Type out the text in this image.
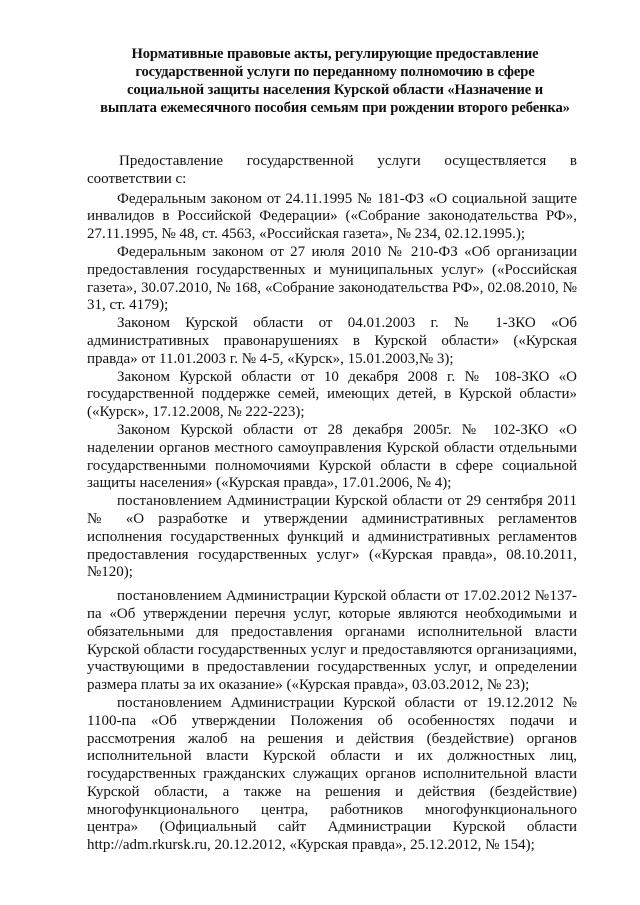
Нормативные правовые акты, регулирующие предоставление государственной услуги по переданному полномочию в сфере социальной защиты населения Курской области «Назначение и выплата ежемесячного пособия семьям при рождении второго ребенка»

Предоставление государственной услуги осуществляется в соответствии с:

Федеральным законом от 24.11.1995 № 181-ФЗ «О социальной защите инвалидов в Российской Федерации» («Собрание законодательства РФ», 27.11.1995, № 48, ст. 4563, «Российская газета», № 234, 02.12.1995.);

Федеральным законом от 27 июля 2010 № 210-ФЗ «Об организации предоставления государственных и муниципальных услуг» («Российская газета», 30.07.2010, № 168, «Собрание законодательства РФ», 02.08.2010, № 31, ст. 4179);

Законом Курской области от 04.01.2003 г. № 1-ЗКО «Об административных правонарушениях в Курской области» («Курская правда» от 11.01.2003 г. № 4-5, «Курск», 15.01.2003,№ 3);

Законом Курской области от 10 декабря 2008 г. № 108-ЗКО «О государственной поддержке семей, имеющих детей, в Курской области» («Курск», 17.12.2008, № 222-223);

Законом Курской области от 28 декабря 2005г. № 102-ЗКО «О наделении органов местного самоуправления Курской области отдельными государственными полномочиями Курской области в сфере социальной защиты населения» («Курская правда», 17.01.2006, № 4);

постановлением Администрации Курской области от 29 сентября 2011 № «О разработке и утверждении административных регламентов исполнения государственных функций и административных регламентов предоставления государственных услуг» («Курская правда», 08.10.2011, №120);

постановлением Администрации Курской области от 17.02.2012 №137-па «Об утверждении перечня услуг, которые являются необходимыми и обязательными для предоставления органами исполнительной власти Курской области государственных услуг и предоставляются организациями, участвующими в предоставлении государственных услуг, и определении размера платы за их оказание» («Курская правда», 03.03.2012, № 23);

постановлением Администрации Курской области от 19.12.2012 № 1100-па «Об утверждении Положения об особенностях подачи и рассмотрения жалоб на решения и действия (бездействие) органов исполнительной власти Курской области и их должностных лиц, государственных гражданских служащих органов исполнительной власти Курской области, а также на решения и действия (бездействие) многофункционального центра, работников многофункционального центра» (Официальный сайт Администрации Курской области http://adm.rkursk.ru, 20.12.2012, «Курская правда», 25.12.2012, № 154);
